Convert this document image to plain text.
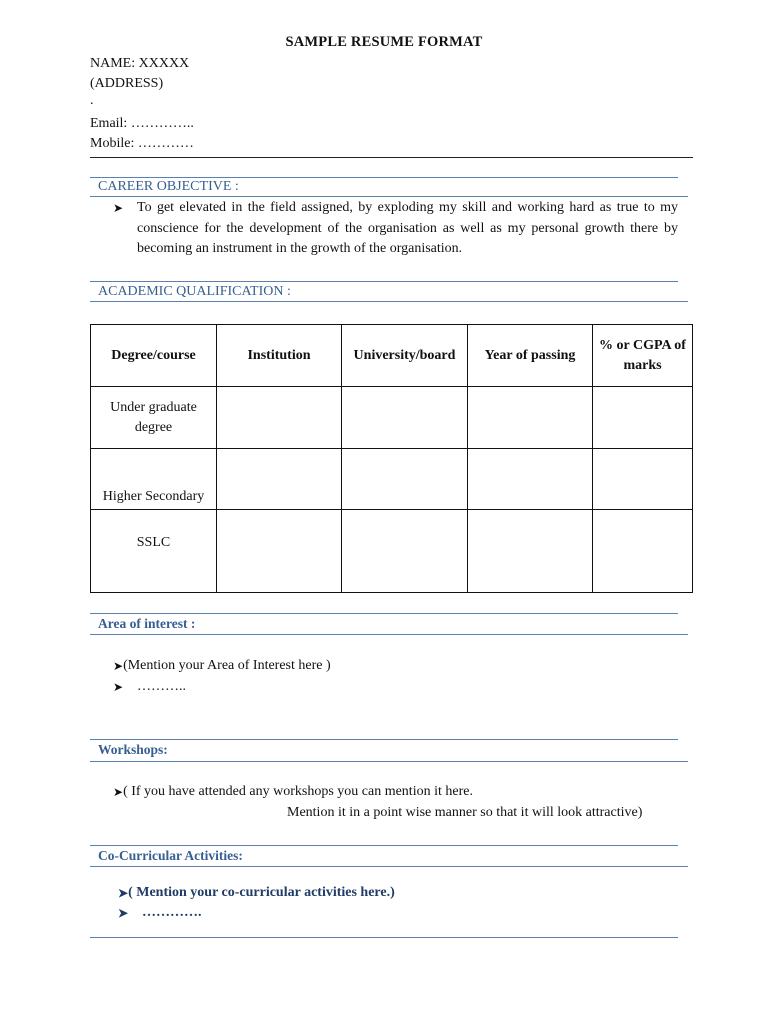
SAMPLE RESUME FORMAT
NAME: XXXXX
(ADDRESS)
.
Email: …………..
Mobile: …………
CAREER OBJECTIVE :
➤ To get elevated in the field assigned, by exploding my skill and working hard as true to my conscience for the development of the organisation as well as my personal growth there by becoming an instrument in the growth of the organisation.
ACADEMIC QUALIFICATION :
Degree/course	Institution	University/board	Year of passing	% or CGPA of marks
Under graduate degree				
Higher Secondary				
SSLC				
Area of interest :
➤ (Mention your Area of Interest here )
➤ ………..
Workshops:
➤ ( If you have attended any workshops you can mention it here.
Mention it in a point wise manner so that it will look attractive)
Co-Curricular Activities:
➤ ( Mention your co-curricular activities here.)
➤ ………….
